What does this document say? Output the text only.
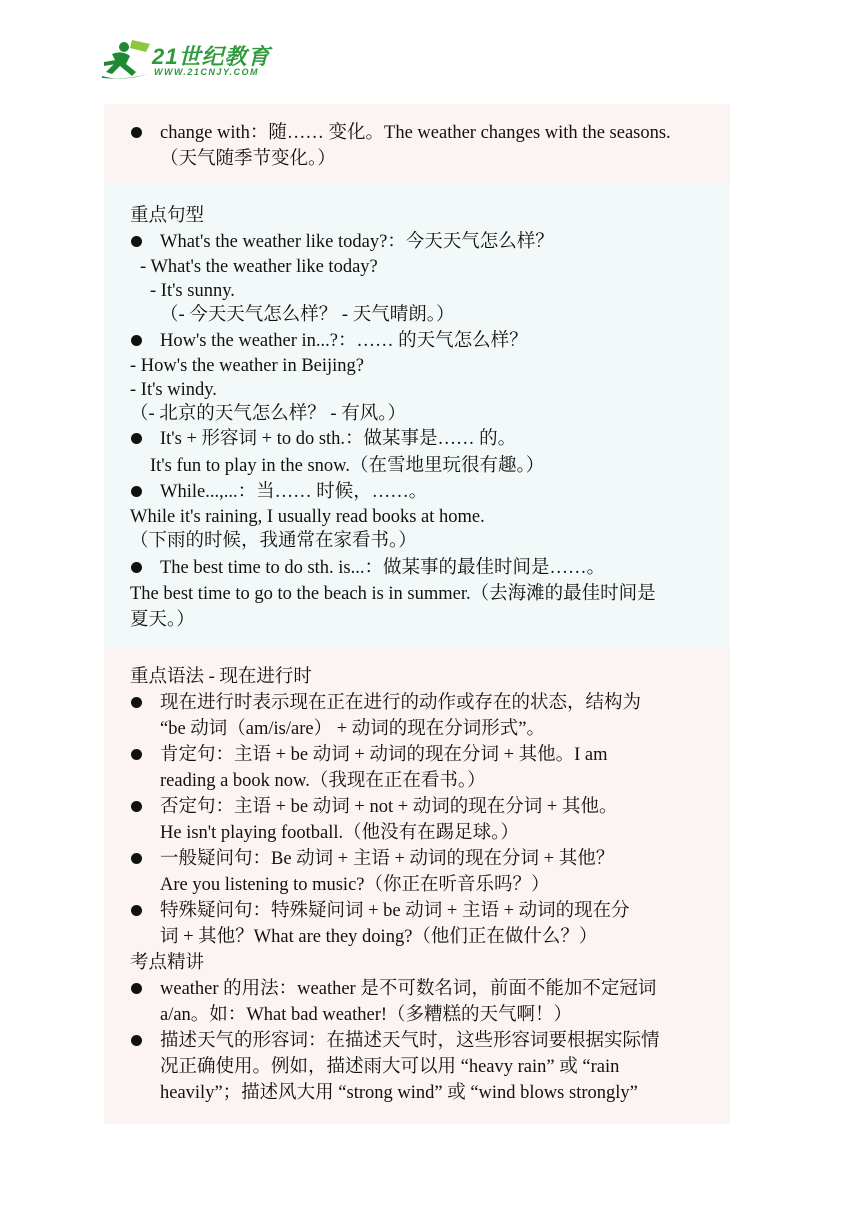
21世纪教育
WWW.21CNJY.COM
change with：随…… 变化。The weather changes with the seasons.
（天气随季节变化。）
重点句型
What's the weather like today?：今天天气怎么样？
- What's the weather like today?
- It's sunny.
（- 今天天气怎么样？ - 天气晴朗。）
How's the weather in...?：…… 的天气怎么样？
- How's the weather in Beijing?
- It's windy.
（- 北京的天气怎么样？ - 有风。）
It's + 形容词 + to do sth.：做某事是…… 的。
It's fun to play in the snow.（在雪地里玩很有趣。）
While...,...：当…… 时候，……。
While it's raining, I usually read books at home.
（下雨的时候，我通常在家看书。）
The best time to do sth. is...：做某事的最佳时间是……。
The best time to go to the beach is in summer.（去海滩的最佳时间是
夏天。）
重点语法 - 现在进行时
现在进行时表示现在正在进行的动作或存在的状态，结构为
“be 动词（am/is/are） + 动词的现在分词形式”。
肯定句：主语 + be 动词 + 动词的现在分词 + 其他。I am
reading a book now.（我现在正在看书。）
否定句：主语 + be 动词 + not + 动词的现在分词 + 其他。
He isn't playing football.（他没有在踢足球。）
一般疑问句：Be 动词 + 主语 + 动词的现在分词 + 其他？
Are you listening to music?（你正在听音乐吗？）
特殊疑问句：特殊疑问词 + be 动词 + 主语 + 动词的现在分
词 + 其他？What are they doing?（他们正在做什么？）
考点精讲
weather 的用法：weather 是不可数名词，前面不能加不定冠词
a/an。如：What bad weather!（多糟糕的天气啊！）
描述天气的形容词：在描述天气时，这些形容词要根据实际情
况正确使用。例如，描述雨大可以用 “heavy rain” 或 “rain
heavily”；描述风大用 “strong wind” 或 “wind blows strongly”
